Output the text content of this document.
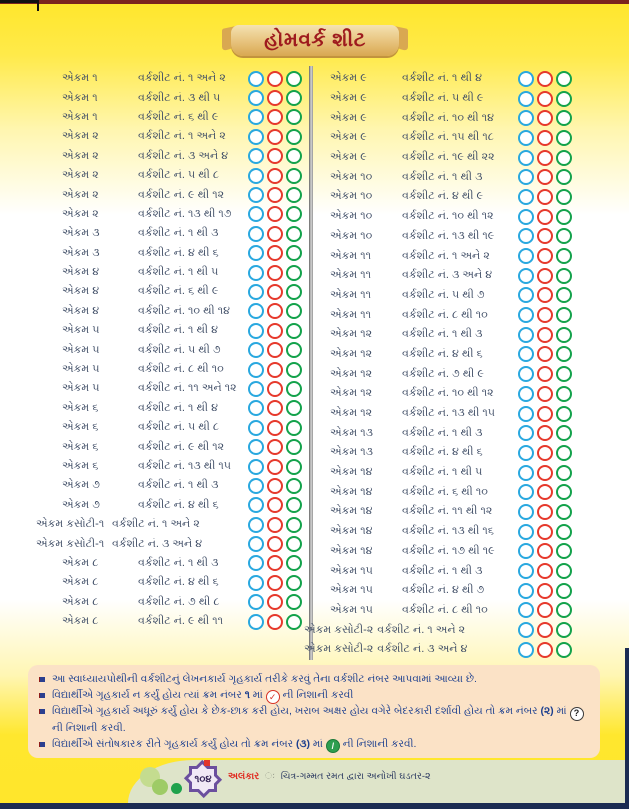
હોમવર્ક શીટ
એકમ ૧	વર્કશીટ નં. ૧ અને ૨
એકમ ૧	વર્કશીટ નં. ૩ થી ૫
એકમ ૧	વર્કશીટ નં. ૬ થી ૯
એકમ ૨	વર્કશીટ નં. ૧ અને ૨
એકમ ૨	વર્કશીટ નં. ૩ અને ૪
એકમ ૨	વર્કશીટ નં. ૫ થી ૮
એકમ ૨	વર્કશીટ નં. ૯ થી ૧૨
એકમ ૨	વર્કશીટ નં. ૧૩ થી ૧૭
એકમ ૩	વર્કશીટ નં. ૧ થી ૩
એકમ ૩	વર્કશીટ નં. ૪ થી ૬
એકમ ૪	વર્કશીટ નં. ૧ થી ૫
એકમ ૪	વર્કશીટ નં. ૬ થી ૯
એકમ ૪	વર્કશીટ નં. ૧૦ થી ૧૪
એકમ ૫	વર્કશીટ નં. ૧ થી ૪
એકમ ૫	વર્કશીટ નં. ૫ થી ૭
એકમ ૫	વર્કશીટ નં. ૮ થી ૧૦
એકમ ૫	વર્કશીટ નં. ૧૧ અને ૧૨
એકમ ૬	વર્કશીટ નં. ૧ થી ૪
એકમ ૬	વર્કશીટ નં. ૫ થી ૮
એકમ ૬	વર્કશીટ નં. ૯ થી ૧૨
એકમ ૬	વર્કશીટ નં. ૧૩ થી ૧૫
એકમ ૭	વર્કશીટ નં. ૧ થી ૩
એકમ ૭	વર્કશીટ નં. ૪ થી ૬
એકમ કસોટી-૧ વર્કશીટ નં. ૧ અને ૨
એકમ કસોટી-૧ વર્કશીટ નં. ૩ અને ૪
એકમ ૮	વર્કશીટ નં. ૧ થી ૩
એકમ ૮	વર્કશીટ નં. ૪ થી ૬
એકમ ૮	વર્કશીટ નં. ૭ થી ૮
એકમ ૮	વર્કશીટ નં. ૯ થી ૧૧
એકમ ૯	વર્કશીટ નં. ૧ થી ૪
એકમ ૯	વર્કશીટ નં. ૫ થી ૯
એકમ ૯	વર્કશીટ નં. ૧૦ થી ૧૪
એકમ ૯	વર્કશીટ નં. ૧૫ થી ૧૮
એકમ ૯	વર્કશીટ નં. ૧૯ થી ૨૨
એકમ ૧૦	વર્કશીટ નં. ૧ થી ૩
એકમ ૧૦	વર્કશીટ નં. ૪ થી ૯
એકમ ૧૦	વર્કશીટ નં. ૧૦ થી ૧૨
એકમ ૧૦	વર્કશીટ નં. ૧૩ થી ૧૯
એકમ ૧૧	વર્કશીટ નં. ૧ અને ૨
એકમ ૧૧	વર્કશીટ નં. ૩ અને ૪
એકમ ૧૧	વર્કશીટ નં. ૫ થી ૭
એકમ ૧૧	વર્કશીટ નં. ૮ થી ૧૦
એકમ ૧૨	વર્કશીટ નં. ૧ થી ૩
એકમ ૧૨	વર્કશીટ નં. ૪ થી ૬
એકમ ૧૨	વર્કશીટ નં. ૭ થી ૯
એકમ ૧૨	વર્કશીટ નં. ૧૦ થી ૧૨
એકમ ૧૨	વર્કશીટ નં. ૧૩ થી ૧૫
એકમ ૧૩	વર્કશીટ નં. ૧ થી ૩
એકમ ૧૩	વર્કશીટ નં. ૪ થી ૬
એકમ ૧૪	વર્કશીટ નં. ૧ થી ૫
એકમ ૧૪	વર્કશીટ નં. ૬ થી ૧૦
એકમ ૧૪	વર્કશીટ નં. ૧૧ થી ૧૨
એકમ ૧૪	વર્કશીટ નં. ૧૩ થી ૧૬
એકમ ૧૪	વર્કશીટ નં. ૧૭ થી ૧૯
એકમ ૧૫	વર્કશીટ નં. ૧ થી ૩
એકમ ૧૫	વર્કશીટ નં. ૪ થી ૭
એકમ ૧૫	વર્કશીટ નં. ૮ થી ૧૦
એકમ કસોટી-૨ વર્કશીટ નં. ૧ અને ૨
એકમ કસોટી-૨ વર્કશીટ નં. ૩ અને ૪
આ સ્વાધ્યાયપોથીની વર્કશીટનું લેખનકાર્ય ગૃહકાર્ય તરીકે કરવું તેના વર્કશીટ નંબર આપવામાં આવ્યા છે.
વિદ્યાર્થીએ ગૃહકાર્ય ન કર્યું હોય ત્યાં ક્રમ નંબર ૧ માં ✓ ની નિશાની કરવી
વિદ્યાર્થીએ ગૃહકાર્ય અધૂરું કર્યું હોય કે છેક-છાક કરી હોય, ખરાબ અક્ષર હોય વગેરે બેદરકારી દર્શાવી હોય તો ક્રમ નંબર (૨) માં ? ની નિશાની કરવી.
વિદ્યાર્થીએ સંતોષકારક રીતે ગૃહકાર્ય કર્યું હોય તો ક્રમ નંબર (૩) માં / ની નિશાની કરવી.
૧૦૪	અલંકાર ઃ ચિત્ર-ગમ્મત રમત દ્વારા અનોખી ઘડતર-૨
